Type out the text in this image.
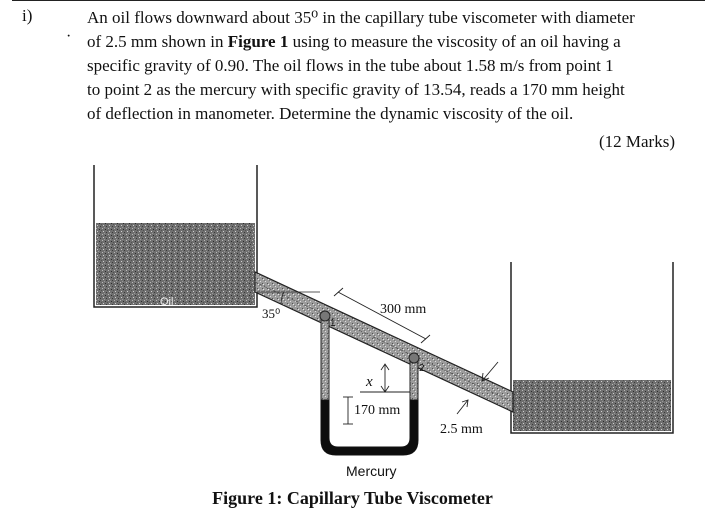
i)
·
An oil flows downward about 35⁰ in the capillary tube viscometer with diameter
of 2.5 mm shown in Figure 1 using to measure the viscosity of an oil having a
specific gravity of 0.90. The oil flows in the tube about 1.58 m/s from point 1
to point 2 as the mercury with specific gravity of 13.54, reads a 170 mm height
of deflection in manometer. Determine the dynamic viscosity of the oil.
(12 Marks)
Oil
35⁰
1
2
300 mm
x
170 mm
2.5 mm
Mercury
Figure 1: Capillary Tube Viscometer
